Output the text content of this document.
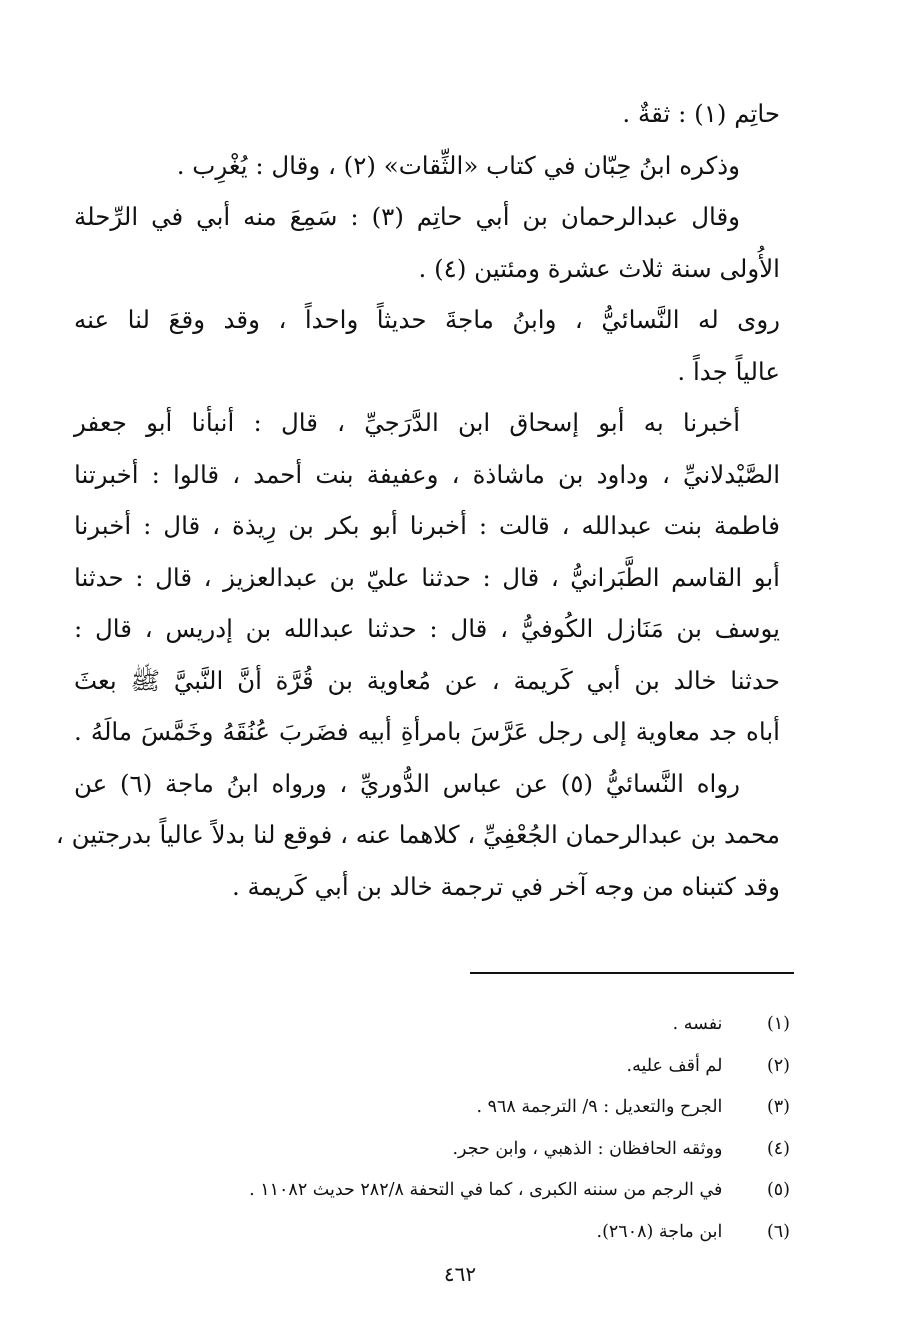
حاتِم (١) : ثقةٌ .
وذكره ابنُ حِبّان في كتاب «الثِّقات» (٢) ، وقال : يُغْرِب .
وقال عبدالرحمان بن أبي حاتِم (٣) : سَمِعَ منه أبي في الرِّحلة
الأُولى سنة ثلاث عشرة ومئتين (٤) .
روى له النَّسائيُّ ، وابنُ ماجةَ حديثاً واحداً ، وقد وقعَ لنا عنه
عالياً جداً .
أخبرنا به أبو إسحاق ابن الدَّرَجيِّ ، قال : أنبأنا أبو جعفر
الصَّيْدلانيِّ ، وداود بن ماشاذة ، وعفيفة بنت أحمد ، قالوا : أخبرتنا
فاطمة بنت عبدالله ، قالت : أخبرنا أبو بكر بن رِيذة ، قال : أخبرنا
أبو القاسم الطَّبَرانيُّ ، قال : حدثنا عليّ بن عبدالعزيز ، قال : حدثنا
يوسف بن مَنَازل الكُوفيُّ ، قال : حدثنا عبدالله بن إدريس ، قال :
حدثنا خالد بن أبي كَريمة ، عن مُعاوية بن قُرَّة أنَّ النَّبيَّ ﷺ بعثَ
أباه جد معاوية إلى رجل عَرَّسَ بامرأةِ أبيه فضَربَ عُنُقَهُ وخَمَّسَ مالَهُ .
رواه النَّسائيُّ (٥) عن عباس الدُّوريِّ ، ورواه ابنُ ماجة (٦) عن
محمد بن عبدالرحمان الجُعْفِيِّ ، كلاهما عنه ، فوقع لنا بدلاً عالياً بدرجتين ،
وقد كتبناه من وجه آخر في ترجمة خالد بن أبي كَريمة .
(١) نفسه .
(٢) لم أقف عليه.
(٣) الجرح والتعديل : ٩/ الترجمة ٩٦٨ .
(٤) ووثقه الحافظان : الذهبي ، وابن حجر.
(٥) في الرجم من سننه الكبرى ، كما في التحفة ٢٨٢/٨ حديث ١١٠٨٢ .
(٦) ابن ماجة (٢٦٠٨).
٤٦٢
